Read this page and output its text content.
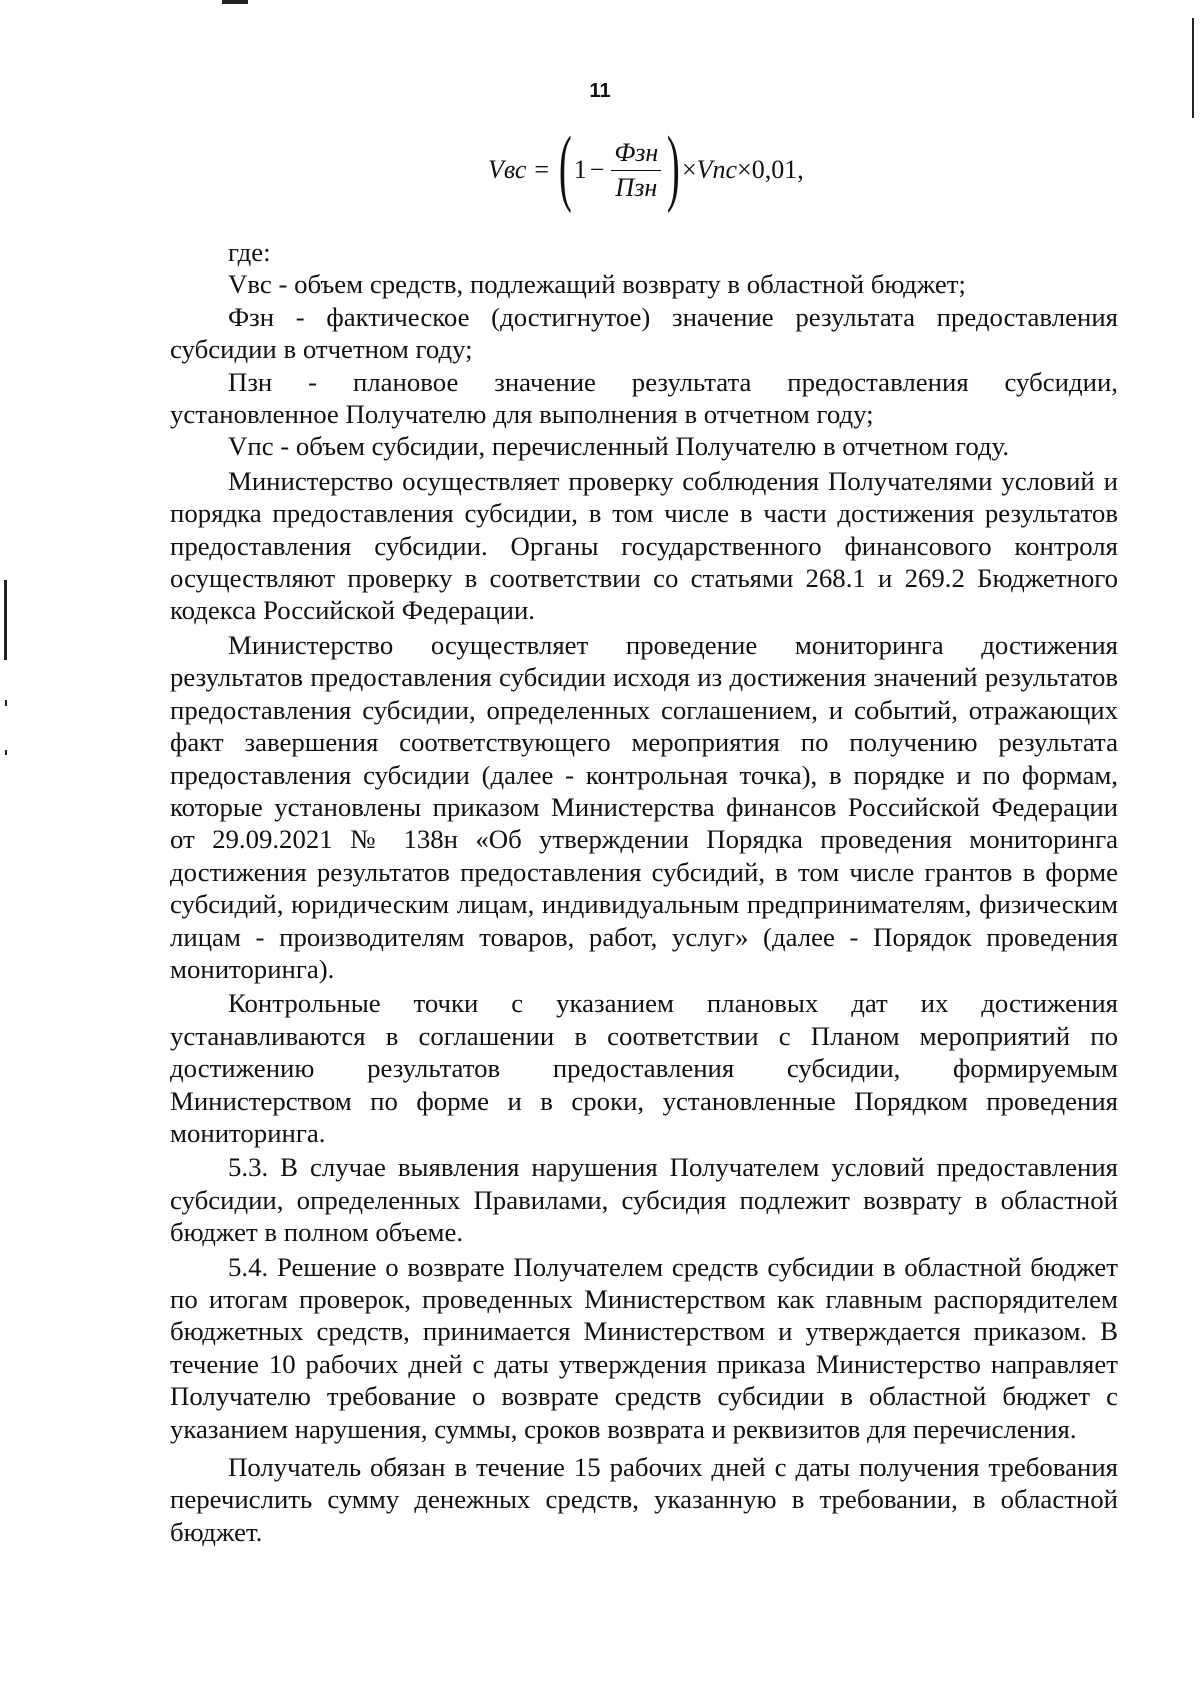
11
Vвс = ( $1 - \frac{\text{Фзн}}{\text{Пзн}}$ ) × Vпс × 0,01,

где:

Vвс - объем средств, подлежащий возврату в областной бюджет;

Фзн - фактическое (достигнутое) значение результата предоставления субсидии в отчетном году;

Пзн - плановое значение результата предоставления субсидии, установленное Получателю для выполнения в отчетном году;

Vпс - объем субсидии, перечисленный Получателю в отчетном году.

Министерство осуществляет проверку соблюдения Получателями условий и порядка предоставления субсидии, в том числе в части достижения результатов предоставления субсидии. Органы государственного финансового контроля осуществляют проверку в соответствии со статьями 268.1 и 269.2 Бюджетного кодекса Российской Федерации.

Министерство осуществляет проведение мониторинга достижения результатов предоставления субсидии исходя из достижения значений результатов предоставления субсидии, определенных соглашением, и событий, отражающих факт завершения соответствующего мероприятия по получению результата предоставления субсидии (далее - контрольная точка), в порядке и по формам, которые установлены приказом Министерства финансов Российской Федерации от 29.09.2021 № 138н «Об утверждении Порядка проведения мониторинга достижения результатов предоставления субсидий, в том числе грантов в форме субсидий, юридическим лицам, индивидуальным предпринимателям, физическим лицам - производителям товаров, работ, услуг» (далее - Порядок проведения мониторинга).

Контрольные точки с указанием плановых дат их достижения устанавливаются в соглашении в соответствии с Планом мероприятий по достижению результатов предоставления субсидии, формируемым Министерством по форме и в сроки, установленные Порядком проведения мониторинга.

5.3. В случае выявления нарушения Получателем условий предоставления субсидии, определенных Правилами, субсидия подлежит возврату в областной бюджет в полном объеме.

5.4. Решение о возврате Получателем средств субсидии в областной бюджет по итогам проверок, проведенных Министерством как главным распорядителем бюджетных средств, принимается Министерством и утверждается приказом. В течение 10 рабочих дней с даты утверждения приказа Министерство направляет Получателю требование о возврате средств субсидии в областной бюджет с указанием нарушения, суммы, сроков возврата и реквизитов для перечисления.

Получатель обязан в течение 15 рабочих дней с даты получения требования перечислить сумму денежных средств, указанную в требовании, в областной бюджет.
